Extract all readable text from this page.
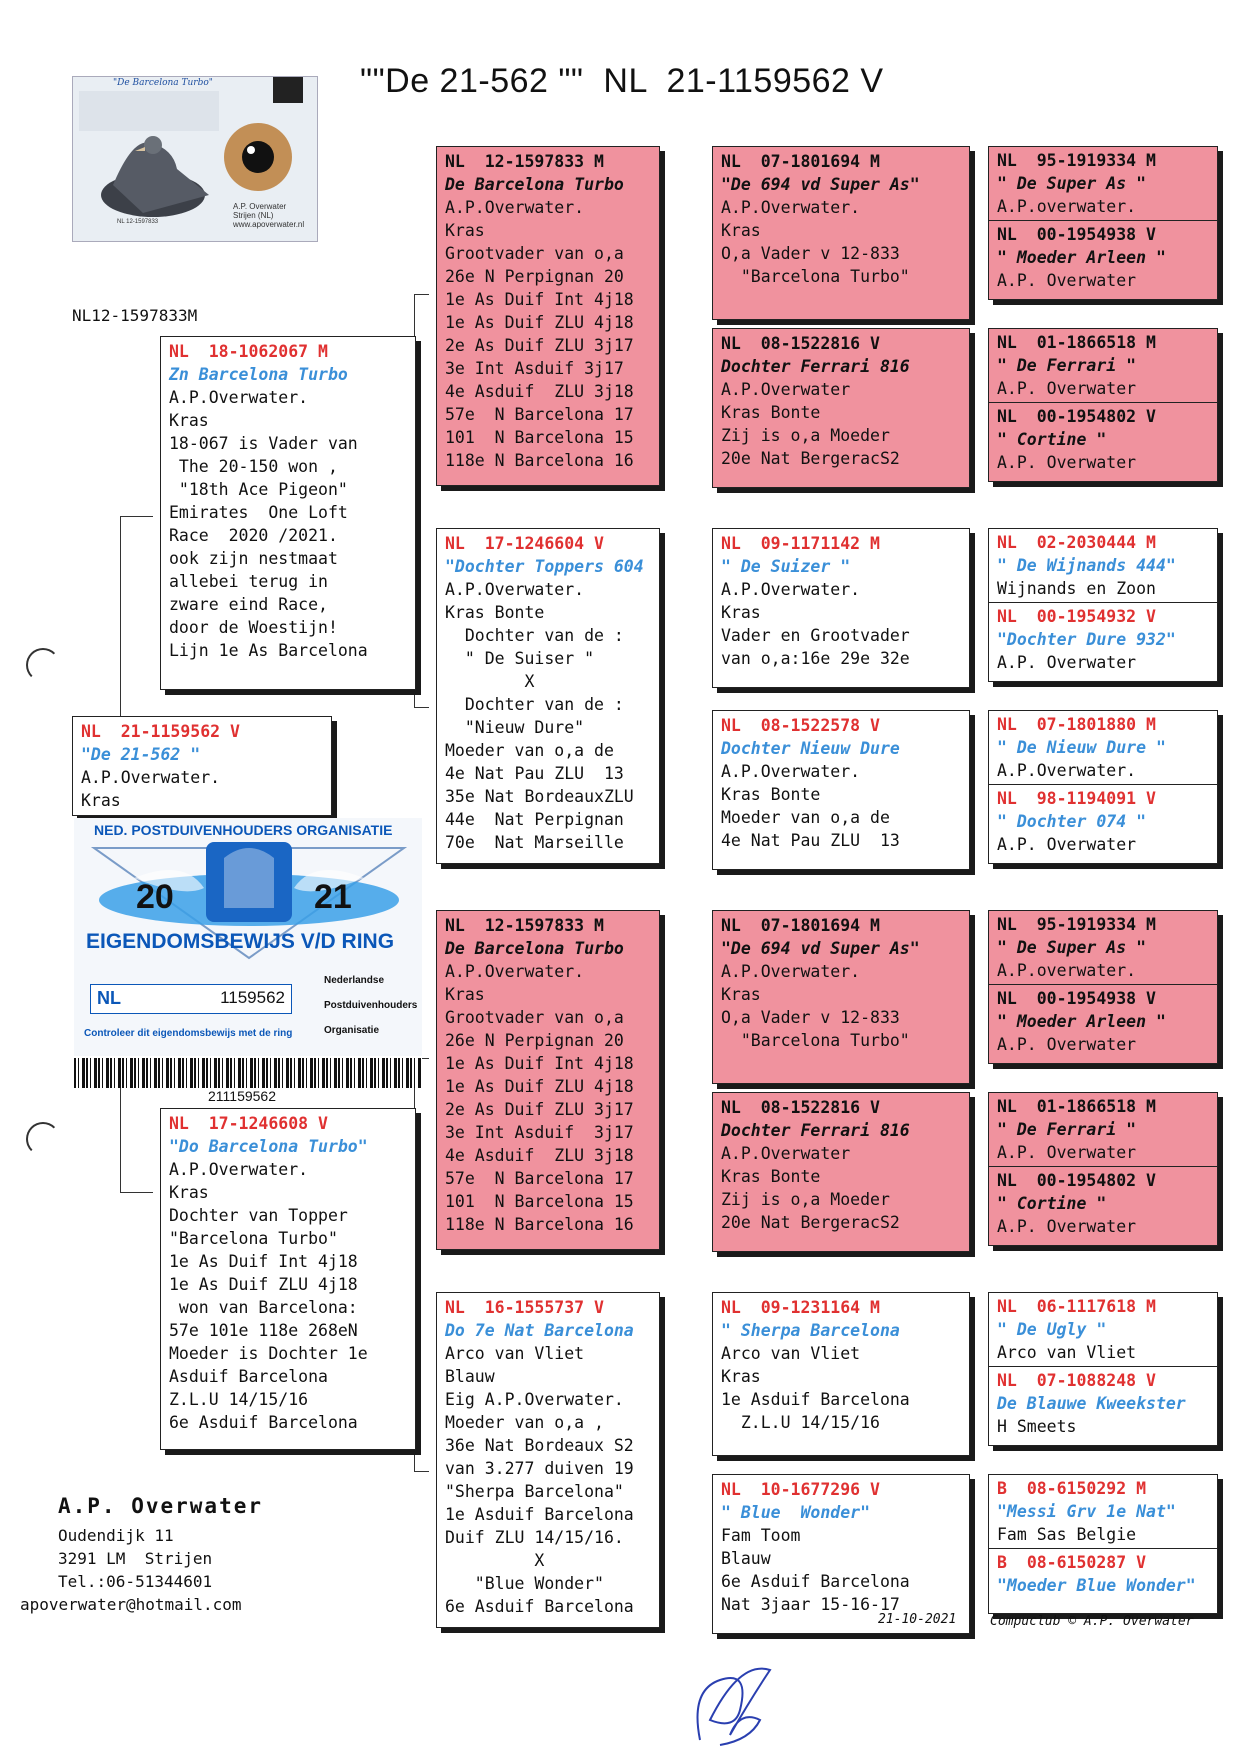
""De 21-562 ""  NL  21-1159562 V
"De Barcelona Turbo"
A.P. Overwater
Strijen (NL)
www.apoverwater.nl
NL 12-1597833
NL12-1597833M
NL 21-1159562 V
"De 21-562 "
A.P.Overwater.
Kras
NED. POSTDUIVENHOUDERS ORGANISATIE
20	21
EIGENDOMSBEWIJS V/D RING
NL	1159562
Nederlandse
Postduivenhouders
Organisatie
Controleer dit eigendomsbewijs met de ring
211159562
NL 18-1062067 M
Zn Barcelona Turbo
A.P.Overwater.
Kras
18-067 is Vader van
The 20-150 won ,
"18th Ace Pigeon"
Emirates  One Loft
Race  2020 /2021.
ook zijn nestmaat
allebei terug in
zware eind Race,
door de Woestijn!
Lijn 1e As Barcelona
NL 17-1246608 V
"Do Barcelona Turbo"
A.P.Overwater.
Kras
Dochter van Topper
"Barcelona Turbo"
1e As Duif Int 4j18
1e As Duif ZLU 4j18
won van Barcelona:
57e 101e 118e 268eN
Moeder is Dochter 1e
Asduif Barcelona
Z.L.U 14/15/16
6e Asduif Barcelona
NL 12-1597833 M
De Barcelona Turbo
A.P.Overwater.
Kras
Grootvader van o,a
26e N Perpignan 20
1e As Duif Int 4j18
1e As Duif ZLU 4j18
2e As Duif ZLU 3j17
3e Int Asduif 3j17
4e Asduif  ZLU 3j18
57e  N Barcelona 17
101  N Barcelona 15
118e N Barcelona 16
NL 17-1246604 V
"Dochter Toppers 604
A.P.Overwater.
Kras Bonte
Dochter van de :
" De Suiser "
X
Dochter van de :
"Nieuw Dure"
Moeder van o,a de
4e Nat Pau ZLU  13
35e Nat BordeauxZLU
44e  Nat Perpignan
70e  Nat Marseille
NL 12-1597833 M
De Barcelona Turbo
A.P.Overwater.
Kras
Grootvader van o,a
26e N Perpignan 20
1e As Duif Int 4j18
1e As Duif ZLU 4j18
2e As Duif ZLU 3j17
3e Int Asduif  3j17
4e Asduif  ZLU 3j18
57e  N Barcelona 17
101  N Barcelona 15
118e N Barcelona 16
NL 16-1555737 V
Do 7e Nat Barcelona
Arco van Vliet
Blauw
Eig A.P.Overwater.
Moeder van o,a ,
36e Nat Bordeaux S2
van 3.277 duiven 19
"Sherpa Barcelona"
1e Asduif Barcelona
Duif ZLU 14/15/16.
X
"Blue Wonder"
6e Asduif Barcelona
NL 07-1801694 M
"De 694 vd Super As"
A.P.Overwater.
Kras
O,a Vader v 12-833
"Barcelona Turbo"
NL 08-1522816 V
Dochter Ferrari 816
A.P.Overwater
Kras Bonte
Zij is o,a Moeder
20e Nat BergeracS2
NL 09-1171142 M
" De Suizer "
A.P.Overwater.
Kras
Vader en Grootvader
van o,a:16e 29e 32e
NL 08-1522578 V
Dochter Nieuw Dure
A.P.Overwater.
Kras Bonte
Moeder van o,a de
4e Nat Pau ZLU  13
NL 07-1801694 M
"De 694 vd Super As"
A.P.Overwater.
Kras
O,a Vader v 12-833
"Barcelona Turbo"
NL 08-1522816 V
Dochter Ferrari 816
A.P.Overwater
Kras Bonte
Zij is o,a Moeder
20e Nat BergeracS2
NL 09-1231164 M
" Sherpa Barcelona
Arco van Vliet
Kras
1e Asduif Barcelona
Z.L.U 14/15/16
NL 10-1677296 V
" Blue  Wonder"
Fam Toom
Blauw
6e Asduif Barcelona
Nat 3jaar 15-16-17
NL 95-1919334 M
" De Super As "
A.P.overwater.
NL 00-1954938 V
" Moeder Arleen "
A.P. Overwater
NL 01-1866518 M
" De Ferrari "
A.P. Overwater
NL 00-1954802 V
" Cortine "
A.P. Overwater
NL 02-2030444 M
" De Wijnands 444"
Wijnands en Zoon
NL 00-1954932 V
"Dochter Dure 932"
A.P. Overwater
NL 07-1801880 M
" De Nieuw Dure "
A.P.Overwater.
NL 98-1194091 V
" Dochter 074 "
A.P. Overwater
NL 95-1919334 M
" De Super As "
A.P.overwater.
NL 00-1954938 V
" Moeder Arleen "
A.P. Overwater
NL 01-1866518 M
" De Ferrari "
A.P. Overwater
NL 00-1954802 V
" Cortine "
A.P. Overwater
NL 06-1117618 M
" De Ugly "
Arco van Vliet
NL 07-1088248 V
De Blauwe Kweekster
H Smeets
B 08-6150292 M
"Messi Grv 1e Nat"
Fam Sas Belgie
B 08-6150287 V
"Moeder Blue Wonder"
21-10-2021	Compuclub © A.P. Overwater
A.P. Overwater
Oudendijk 11
3291 LM  Strijen
Tel.:06-51344601
apoverwater@hotmail.com
